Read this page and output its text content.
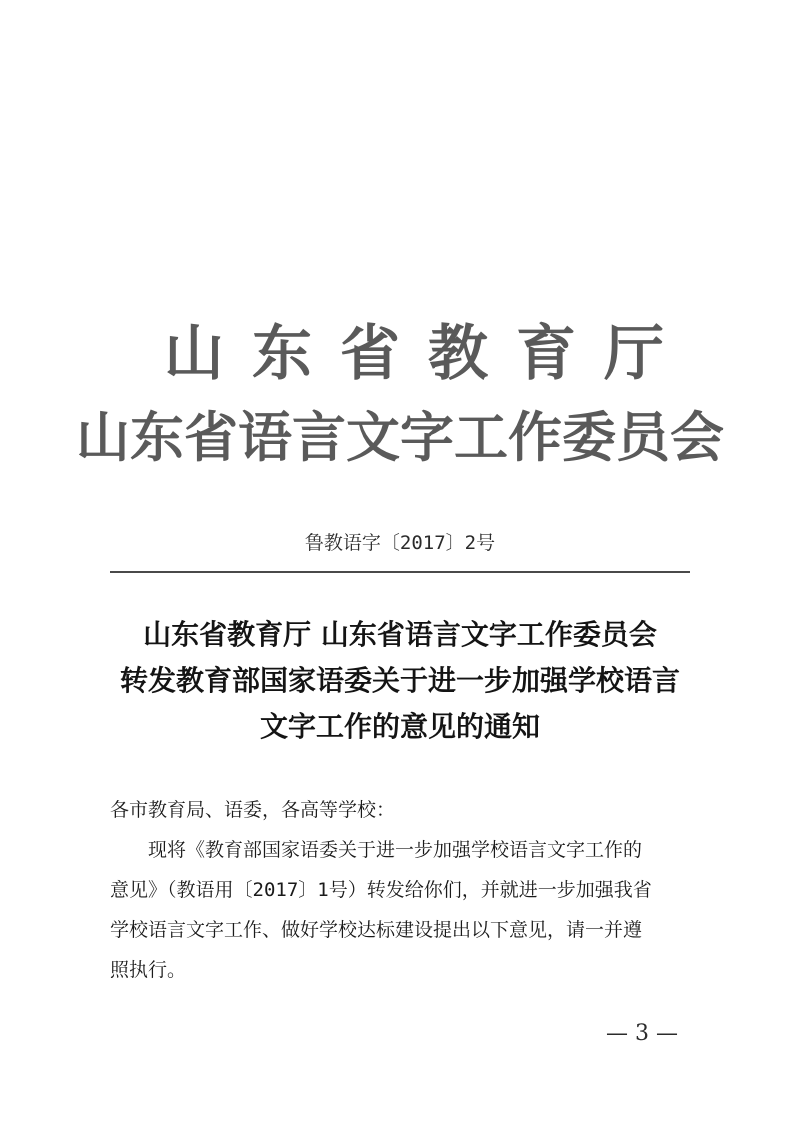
山东省教育厅
山东省语言文字工作委员会
鲁教语字〔2017〕2号
山东省教育厅 山东省语言文字工作委员会
转发教育部国家语委关于进一步加强学校语言
文字工作的意见的通知
各市教育局、语委，各高等学校：
现将《教育部国家语委关于进一步加强学校语言文字工作的
意见》（教语用〔2017〕1号）转发给你们，并就进一步加强我省
学校语言文字工作、做好学校达标建设提出以下意见，请一并遵
照执行。
— 3 —
